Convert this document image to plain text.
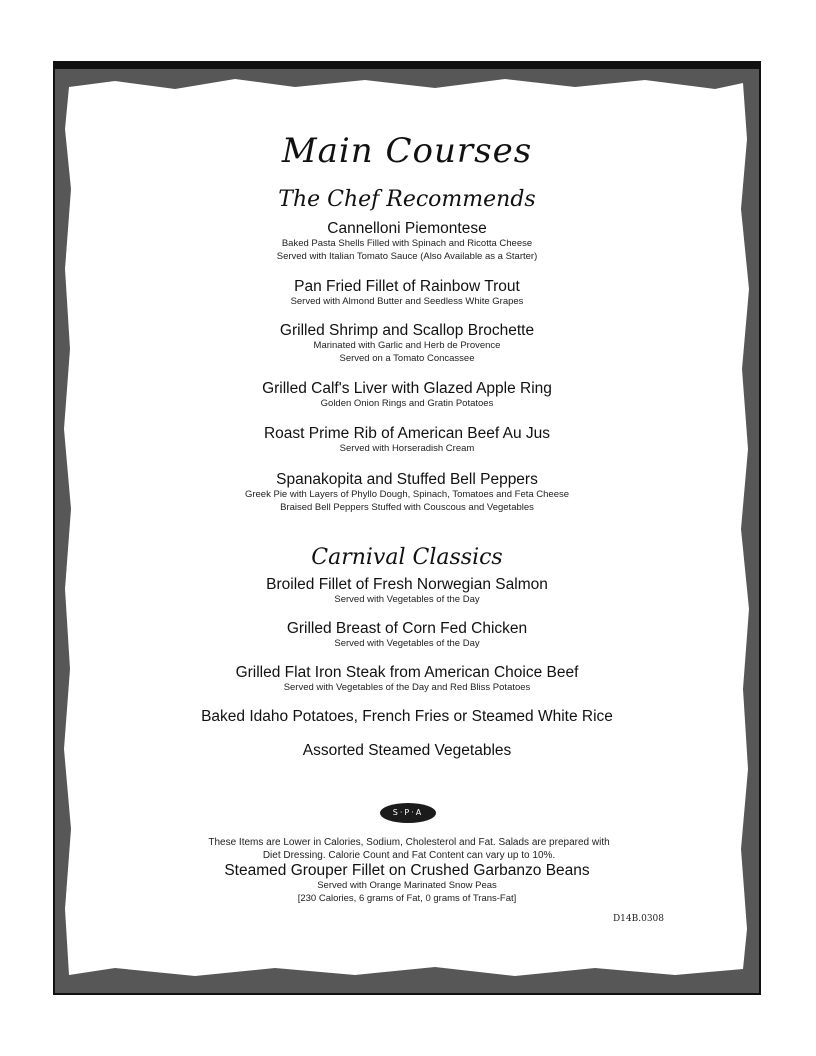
Main Courses
The Chef Recommends
Cannelloni Piemontese
Baked Pasta Shells Filled with Spinach and Ricotta Cheese
Served with Italian Tomato Sauce (Also Available as a Starter)
Pan Fried Fillet of Rainbow Trout
Served with Almond Butter and Seedless White Grapes
Grilled Shrimp and Scallop Brochette
Marinated with Garlic and Herb de Provence
Served on a Tomato Concassee
Grilled Calf's Liver with Glazed Apple Ring
Golden Onion Rings and Gratin Potatoes
Roast Prime Rib of American Beef Au Jus
Served with Horseradish Cream
Spanakopita and Stuffed Bell Peppers
Greek Pie with Layers of Phyllo Dough, Spinach, Tomatoes and Feta Cheese
Braised Bell Peppers Stuffed with Couscous and Vegetables
Carnival Classics
Broiled Fillet of Fresh Norwegian Salmon
Served with Vegetables of the Day
Grilled Breast of Corn Fed Chicken
Served with Vegetables of the Day
Grilled Flat Iron Steak from American Choice Beef
Served with Vegetables of the Day and Red Bliss Potatoes
Baked Idaho Potatoes, French Fries or Steamed White Rice
Assorted Steamed Vegetables
S·P·A
These Items are Lower in Calories, Sodium, Cholesterol and Fat. Salads are prepared with
Diet Dressing. Calorie Count and Fat Content can vary up to 10%.
Steamed Grouper Fillet on Crushed Garbanzo Beans
Served with Orange Marinated Snow Peas
[230 Calories, 6 grams of Fat, 0 grams of Trans-Fat]
D14B.0308
